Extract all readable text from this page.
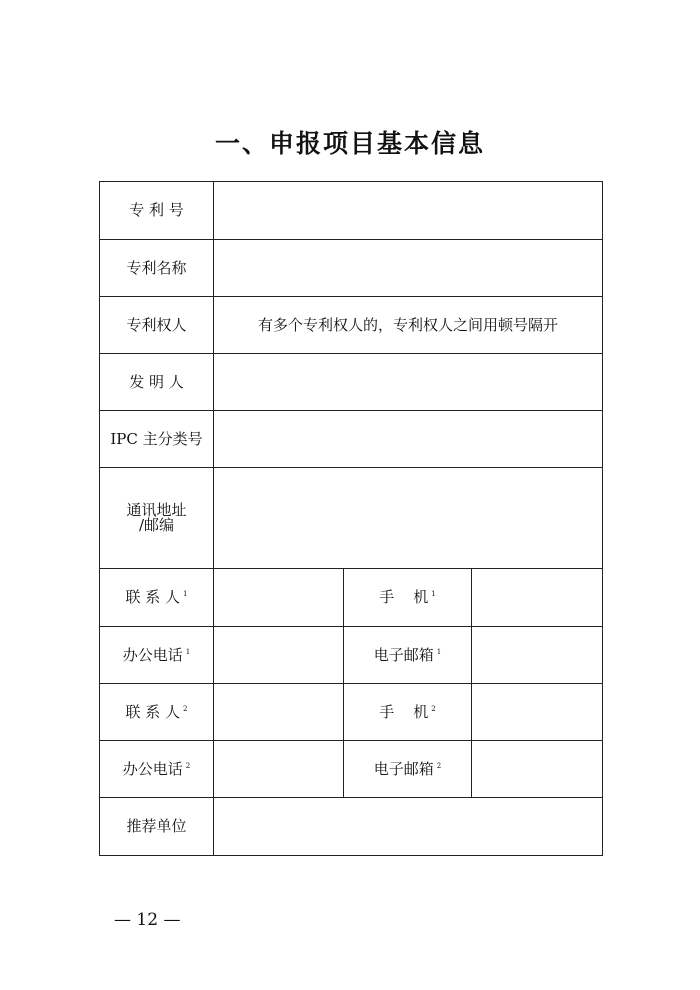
一、申报项目基本信息
专 利 号			
专利名称			
专利权人	有多个专利权人的，专利权人之间用顿号隔开		
发 明 人			
IPC 主分类号			

通讯地址
/邮编			

联 系 人 $^1$		手    机 $^1$	
办公电话 $^1$		电子邮箱 $^1$	
联 系 人 $^2$		手    机 $^2$	
办公电话 $^2$		电子邮箱 $^2$	
推荐单位			
— 12 —
